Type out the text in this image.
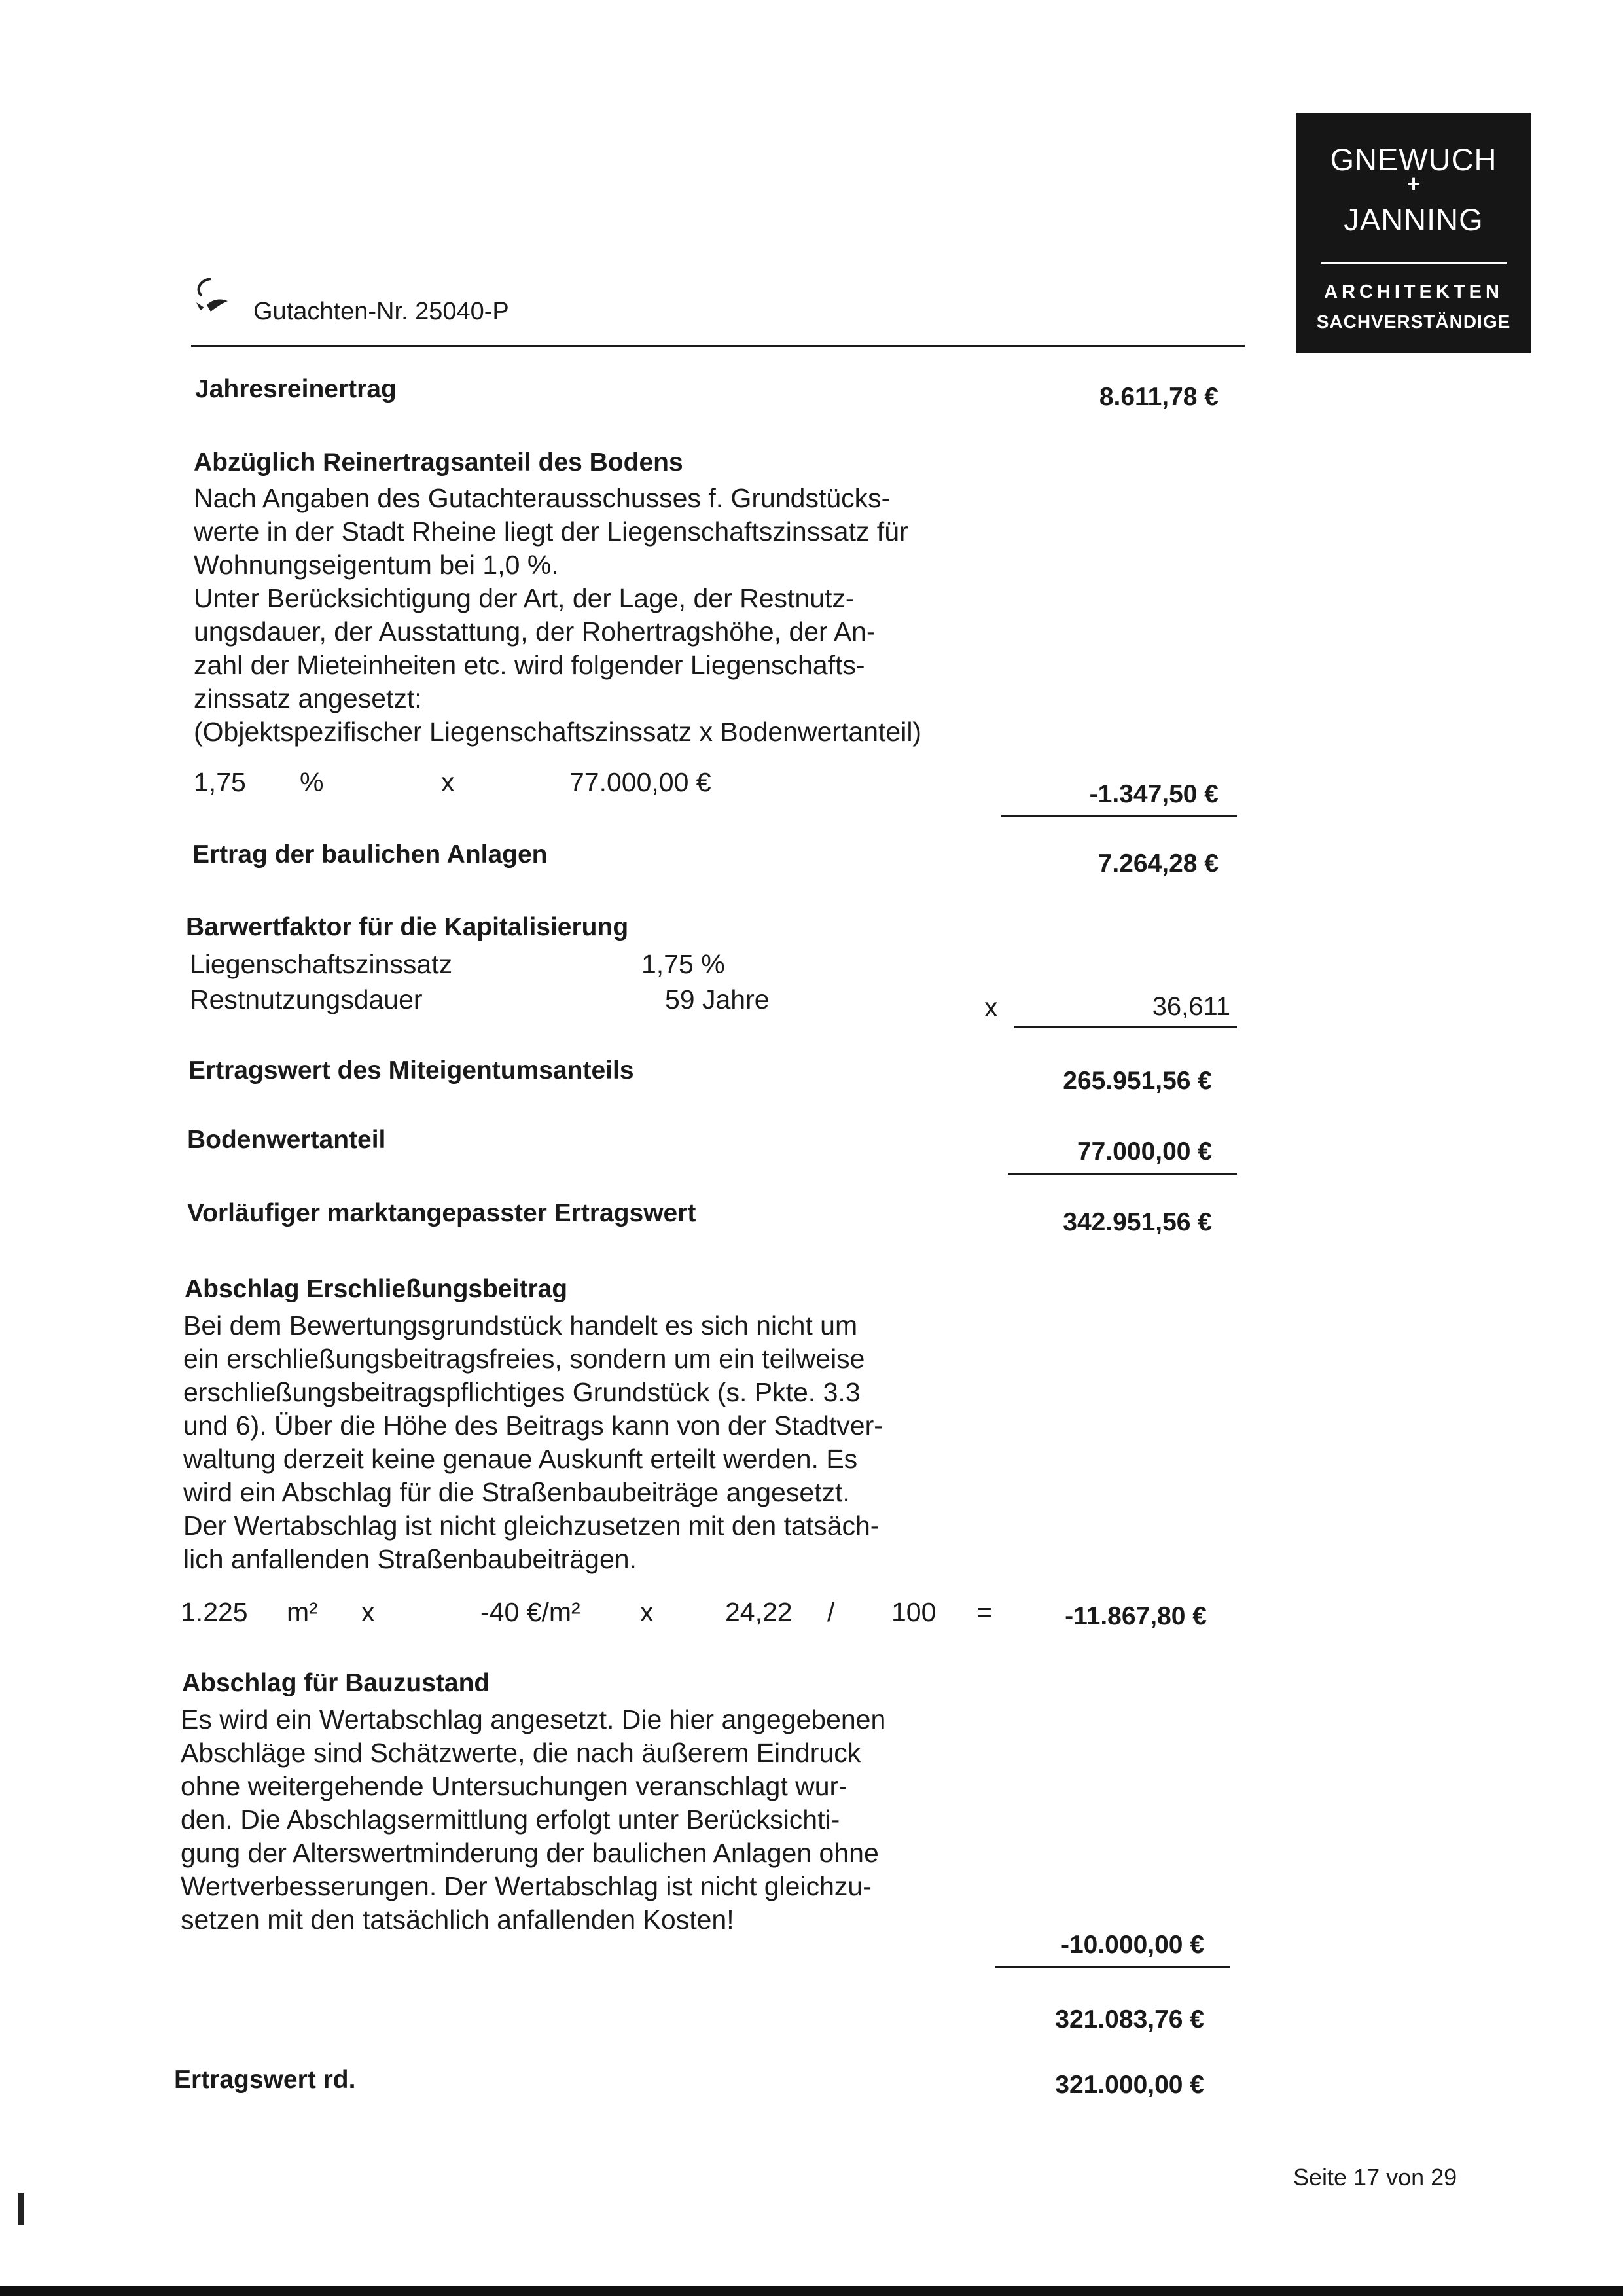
GNEWUCH
+
JANNING
ARCHITEKTEN
SACHVERSTÄNDIGE
Gutachten-Nr. 25040-P
Jahresreinertrag	8.611,78 €
Abzüglich Reinertragsanteil des Bodens
Nach Angaben des Gutachterausschusses f. Grundstücks-
werte in der Stadt Rheine liegt der Liegenschaftszinssatz für
Wohnungseigentum bei 1,0 %.
Unter Berücksichtigung der Art, der Lage, der Restnutz-
ungsdauer, der Ausstattung, der Rohertragshöhe, der An-
zahl der Mieteinheiten etc. wird folgender Liegenschafts-
zinssatz angesetzt:
(Objektspezifischer Liegenschaftszinssatz x Bodenwertanteil)
1,75 %	x	77.000,00 €	-1.347,50 €
Ertrag der baulichen Anlagen	7.264,28 €
Barwertfaktor für die Kapitalisierung
Liegenschaftszinssatz	1,75 %
Restnutzungsdauer	59 Jahre	x	36,611
Ertragswert des Miteigentumsanteils	265.951,56 €
Bodenwertanteil	77.000,00 €
Vorläufiger marktangepasster Ertragswert	342.951,56 €
Abschlag Erschließungsbeitrag
Bei dem Bewertungsgrundstück handelt es sich nicht um
ein erschließungsbeitragsfreies, sondern um ein teilweise
erschließungsbeitragspflichtiges Grundstück (s. Pkte. 3.3
und 6). Über die Höhe des Beitrags kann von der Stadtver-
waltung derzeit keine genaue Auskunft erteilt werden. Es
wird ein Abschlag für die Straßenbaubeiträge angesetzt.
Der Wertabschlag ist nicht gleichzusetzen mit den tatsäch-
lich anfallenden Straßenbaubeiträgen.
1.225 m² x	-40 €/m² x	24,22 / 100 =	-11.867,80 €
Abschlag für Bauzustand
Es wird ein Wertabschlag angesetzt. Die hier angegebenen
Abschläge sind Schätzwerte, die nach äußerem Eindruck
ohne weitergehende Untersuchungen veranschlagt wur-
den. Die Abschlagsermittlung erfolgt unter Berücksichti-
gung der Alterswertminderung der baulichen Anlagen ohne
Wertverbesserungen. Der Wertabschlag ist nicht gleichzu-
setzen mit den tatsächlich anfallenden Kosten!
-10.000,00 €
321.083,76 €
Ertragswert rd.	321.000,00 €
Seite 17 von 29
